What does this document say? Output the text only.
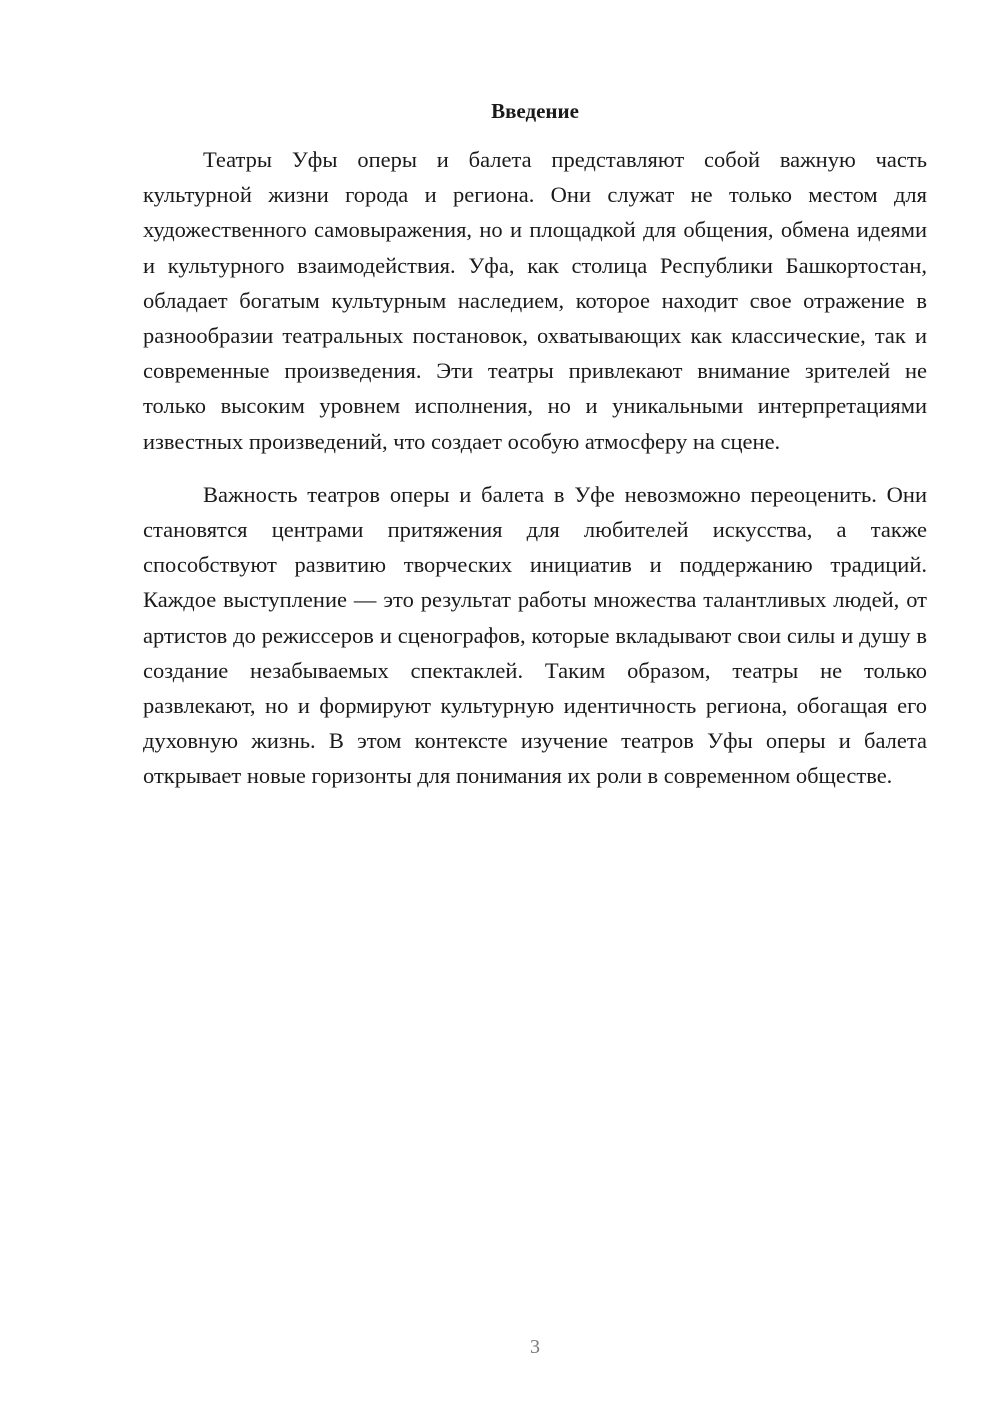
Введение

Театры Уфы оперы и балета представляют собой важную часть культурной жизни города и региона. Они служат не только местом для художественного самовыражения, но и площадкой для общения, обмена идеями и культурного взаимодействия. Уфа, как столица Республики Башкортостан, обладает богатым культурным наследием, которое находит свое отражение в разнообразии театральных постановок, охватывающих как классические, так и современные произведения. Эти театры привлекают внимание зрителей не только высоким уровнем исполнения, но и уникальными интерпретациями известных произведений, что создает особую атмосферу на сцене.

Важность театров оперы и балета в Уфе невозможно переоценить. Они становятся центрами притяжения для любителей искусства, а также способствуют развитию творческих инициатив и поддержанию традиций. Каждое выступление — это результат работы множества талантливых людей, от артистов до режиссеров и сценографов, которые вкладывают свои силы и душу в создание незабываемых спектаклей. Таким образом, театры не только развлекают, но и формируют культурную идентичность региона, обогащая его духовную жизнь. В этом контексте изучение театров Уфы оперы и балета открывает новые горизонты для понимания их роли в современном обществе.

3
